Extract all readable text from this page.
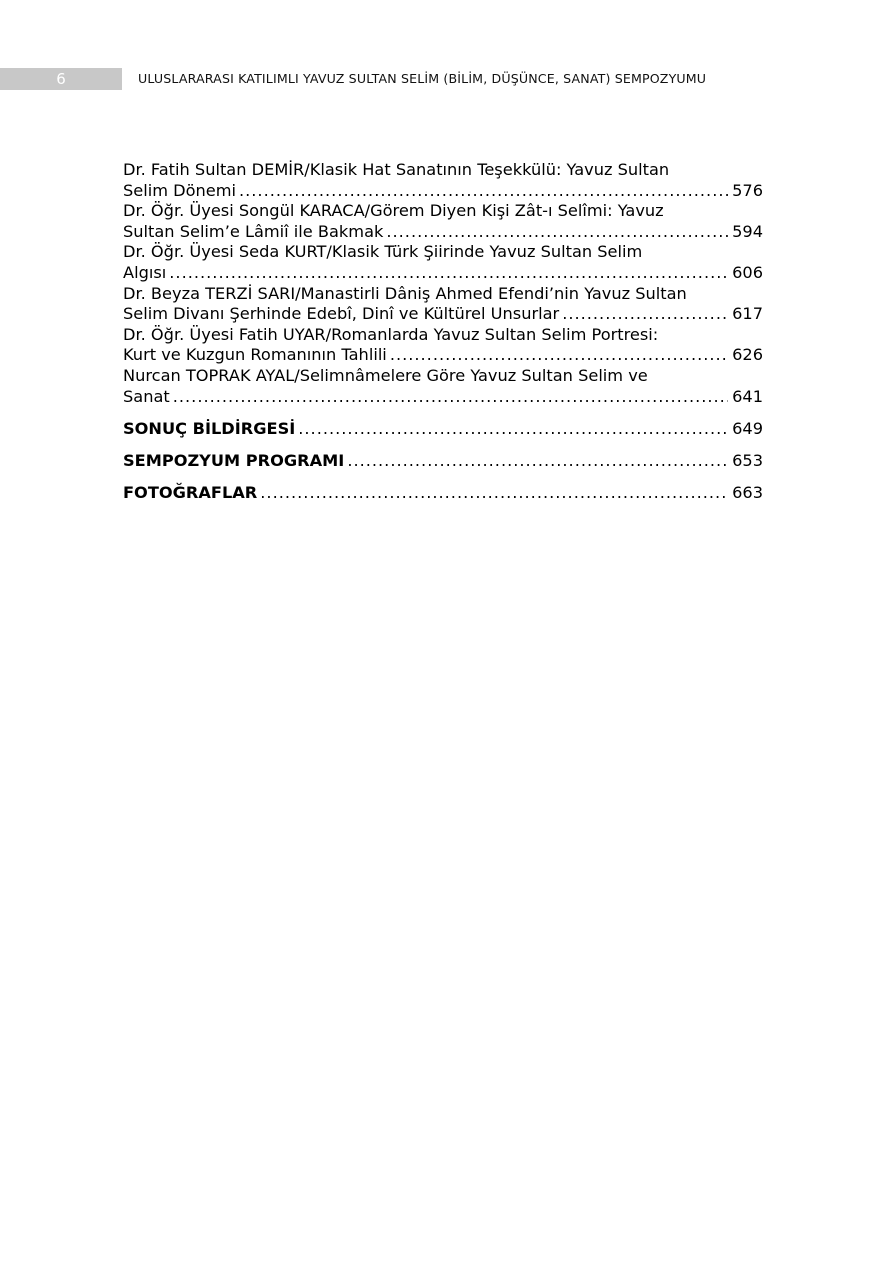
6	ULUSLARARASI KATILIMLI YAVUZ SULTAN SELİM (BİLİM, DÜŞÜNCE, SANAT) SEMPOZYUMU
Dr. Fatih Sultan DEMİR/Klasik Hat Sanatının Teşekkülü: Yavuz Sultan
Selim Dönemi .....	576
Dr. Öğr. Üyesi Songül KARACA/Görem Diyen Kişi Zât-ı Selîmi: Yavuz
Sultan Selim’e Lâmiî ile Bakmak .....	594
Dr. Öğr. Üyesi Seda KURT/Klasik Türk Şiirinde Yavuz Sultan Selim
Algısı .....	606
Dr. Beyza TERZİ SARI/Manastirli Dâniş Ahmed Efendi’nin Yavuz Sultan
Selim Divanı Şerhinde Edebî, Dinî ve Kültürel Unsurlar .....	617
Dr. Öğr. Üyesi Fatih UYAR/Romanlarda Yavuz Sultan Selim Portresi:
Kurt ve Kuzgun Romanının Tahlili .....	626
Nurcan TOPRAK AYAL/Selimnâmelere Göre Yavuz Sultan Selim ve
Sanat .....	641
SONUÇ BİLDİRGESİ .....	649
SEMPOZYUM PROGRAMI .....	653
FOTOĞRAFLAR .....	663
